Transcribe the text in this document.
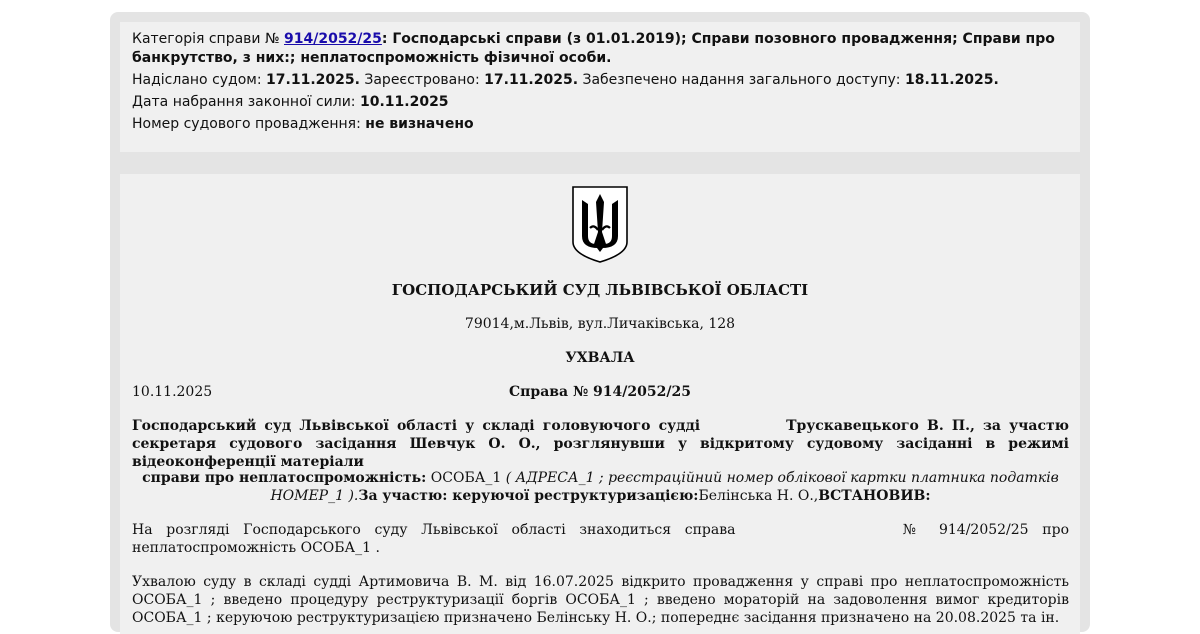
Категорія справи № 914/2052/25: Господарські справи (з 01.01.2019); Справи позовного провадження; Справи про банкрутство, з них:; неплатоспроможність фізичної особи.

Надіслано судом: 17.11.2025. Зареєстровано: 17.11.2025. Забезпечено надання загального доступу: 18.11.2025.

Дата набрання законної сили: 10.11.2025

Номер судового провадження: не визначено

ГОСПОДАРСЬКИЙ СУД ЛЬВІВСЬКОЇ ОБЛАСТІ
79014,м.Львів, вул.Личаківська, 128
УХВАЛА
10.11.2025	Справа № 914/2052/25
Господарський суд Львівської області у складі головуючого судді	Трускавецького В. П., за участю секретаря судового засідання Шевчук О. О., розглянувши у відкритому судовому засіданні в режимі відеоконференції матеріали
справи про неплатоспроможність: ОСОБА_1 ( АДРЕСА_1 ; реєстраційний номер облікової картки платника податків НОМЕР_1 ).За участю: керуючої реструктуризацією:Белінська Н. О.,ВСТАНОВИВ:
На розгляді Господарського суду Львівської області знаходиться справа	№ 914/2052/25 про неплатоспроможність ОСОБА_1 .
Ухвалою суду в складі судді Артимовича В. М. від 16.07.2025 відкрито провадження у справі про неплатоспроможність ОСОБА_1 ; введено процедуру реструктуризації боргів ОСОБА_1 ; введено мораторій на задоволення вимог кредиторів ОСОБА_1 ; керуючою реструктуризацією призначено Белінську Н. О.; попереднє засідання призначено на 20.08.2025 та ін.
